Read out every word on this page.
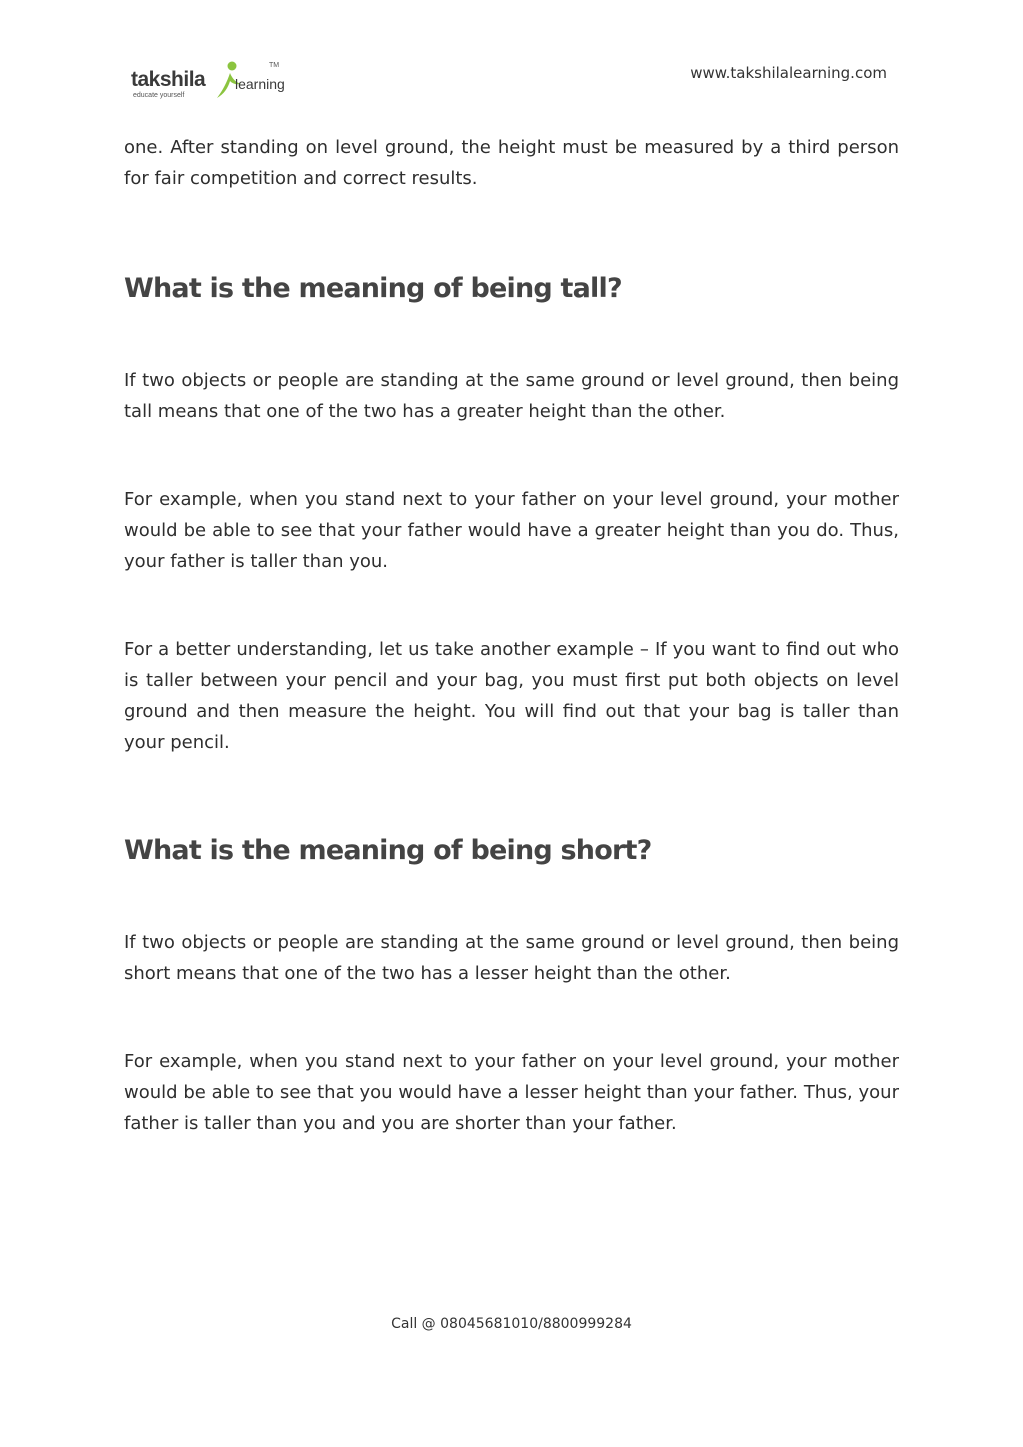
takshila learning
TM
educate yourself
www.takshilalearning.com

one. After standing on level ground, the height must be measured by a third person for fair competition and correct results.

What is the meaning of being tall?

If two objects or people are standing at the same ground or level ground, then being tall means that one of the two has a greater height than the other.

For example, when you stand next to your father on your level ground, your mother would be able to see that your father would have a greater height than you do. Thus, your father is taller than you.

For a better understanding, let us take another example – If you want to find out who is taller between your pencil and your bag, you must first put both objects on level ground and then measure the height. You will find out that your bag is taller than your pencil.

What is the meaning of being short?

If two objects or people are standing at the same ground or level ground, then being short means that one of the two has a lesser height than the other.

For example, when you stand next to your father on your level ground, your mother would be able to see that you would have a lesser height than your father. Thus, your father is taller than you and you are shorter than your father.

Call @ 08045681010/8800999284
